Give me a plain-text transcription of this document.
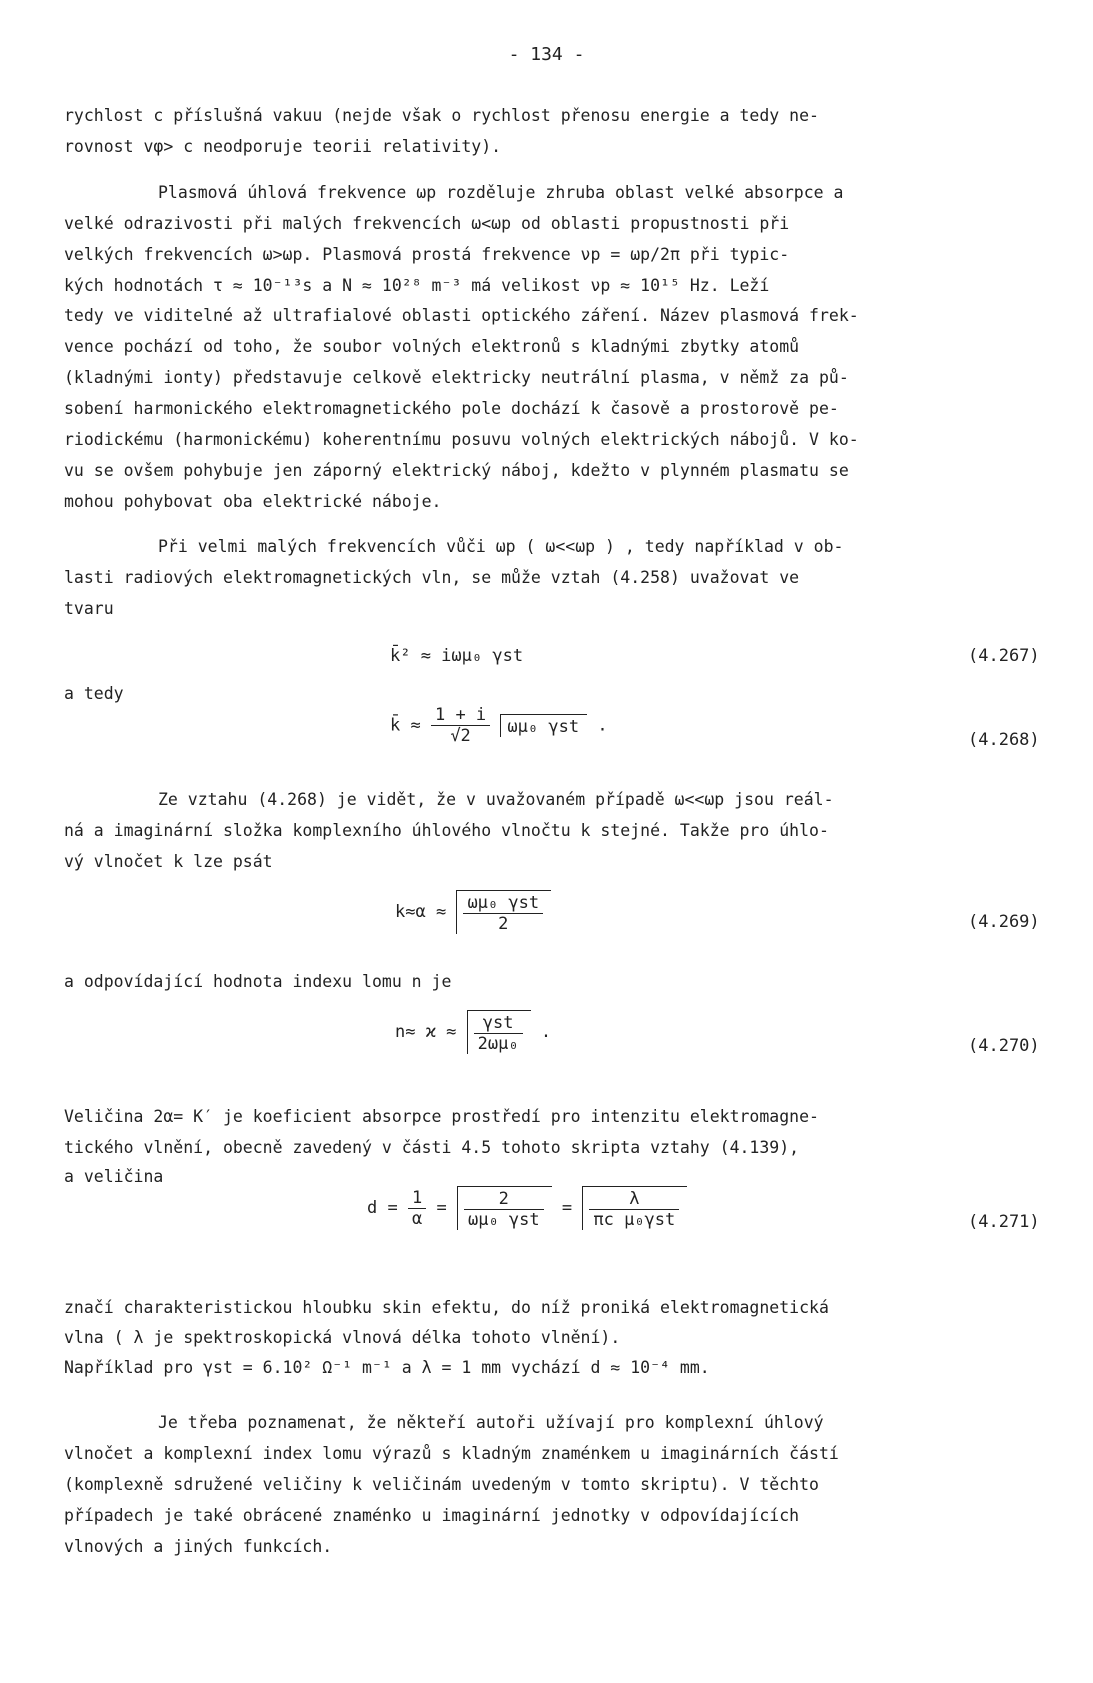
- 134 -
rychlost c příslušná vakuu (nejde však o rychlost přenosu energie a tedy ne-
rovnost vφ> c neodporuje teorii relativity).
Plasmová úhlová frekvence ωp rozděluje zhruba oblast velké absorpce a
velké odrazivosti při malých frekvencích ω<ωp od oblasti propustnosti při
velkých frekvencích ω>ωp. Plasmová prostá frekvence νp = ωp/2π při typic-
kých hodnotách τ ≈ 10⁻¹³s a N ≈ 10²⁸ m⁻³ má velikost νp ≈ 10¹⁵ Hz. Leží
tedy ve viditelné až ultrafialové oblasti optického záření. Název plasmová frek-
vence pochází od toho, že soubor volných elektronů s kladnými zbytky atomů
(kladnými ionty) představuje celkově elektricky neutrální plasma, v němž za pů-
sobení harmonického elektromagnetického pole dochází k časově a prostorově pe-
riodickému (harmonickému) koherentnímu posuvu volných elektrických nábojů. V ko-
vu se ovšem pohybuje jen záporný elektrický náboj, kdežto v plynném plasmatu se
mohou pohybovat oba elektrické náboje.
Při velmi malých frekvencích vůči ωp ( ω<<ωp ) , tedy například v ob-
lasti radiových elektromagnetických vln, se může vztah (4.258) uvažovat ve
tvaru
k̄² ≈ iωμ₀ γst	(4.267)
a tedy
k̄ ≈ $\frac{1 + i}{√2} \omega\mu_0$ γst .
(4.268)
Ze vztahu (4.268) je vidět, že v uvažovaném případě ω<<ωp jsou reál-
ná a imaginární složka komplexního úhlového vlnočtu k stejné. Takže pro úhlo-
vý vlnočet k lze psát
$k\approx\alpha \approx \frac{\text{ωμ₀ γst}}{2}$	(4.269)
a odpovídající hodnota indexu lomu n je
$n\approx ϰ \approx \frac{\text{γst}}{\text{2ωμ₀}}$ .
(4.270)
Veličina 2α= K′ je koeficient absorpce prostředí pro intenzitu elektromagne-
tického vlnění, obecně zavedený v části 4.5 tohoto skripta vztahy (4.139),
a veličina
$d = \frac{1}{\alpha} = \frac{2}{\text{ωμ₀ γst}} = \frac{\lambda}{\text{πc μ₀γst}}$	(4.271)
značí charakteristickou hloubku skin efektu, do níž proniká elektromagnetická
vlna ( λ je spektroskopická vlnová délka tohoto vlnění).
Například pro γst = 6.10² Ω⁻¹ m⁻¹ a λ = 1 mm vychází d ≈ 10⁻⁴ mm.
Je třeba poznamenat, že někteří autoři užívají pro komplexní úhlový
vlnočet a komplexní index lomu výrazů s kladným znaménkem u imaginárních částí
(komplexně sdružené veličiny k veličinám uvedeným v tomto skriptu). V těchto
případech je také obrácené znaménko u imaginární jednotky v odpovídajících
vlnových a jiných funkcích.
